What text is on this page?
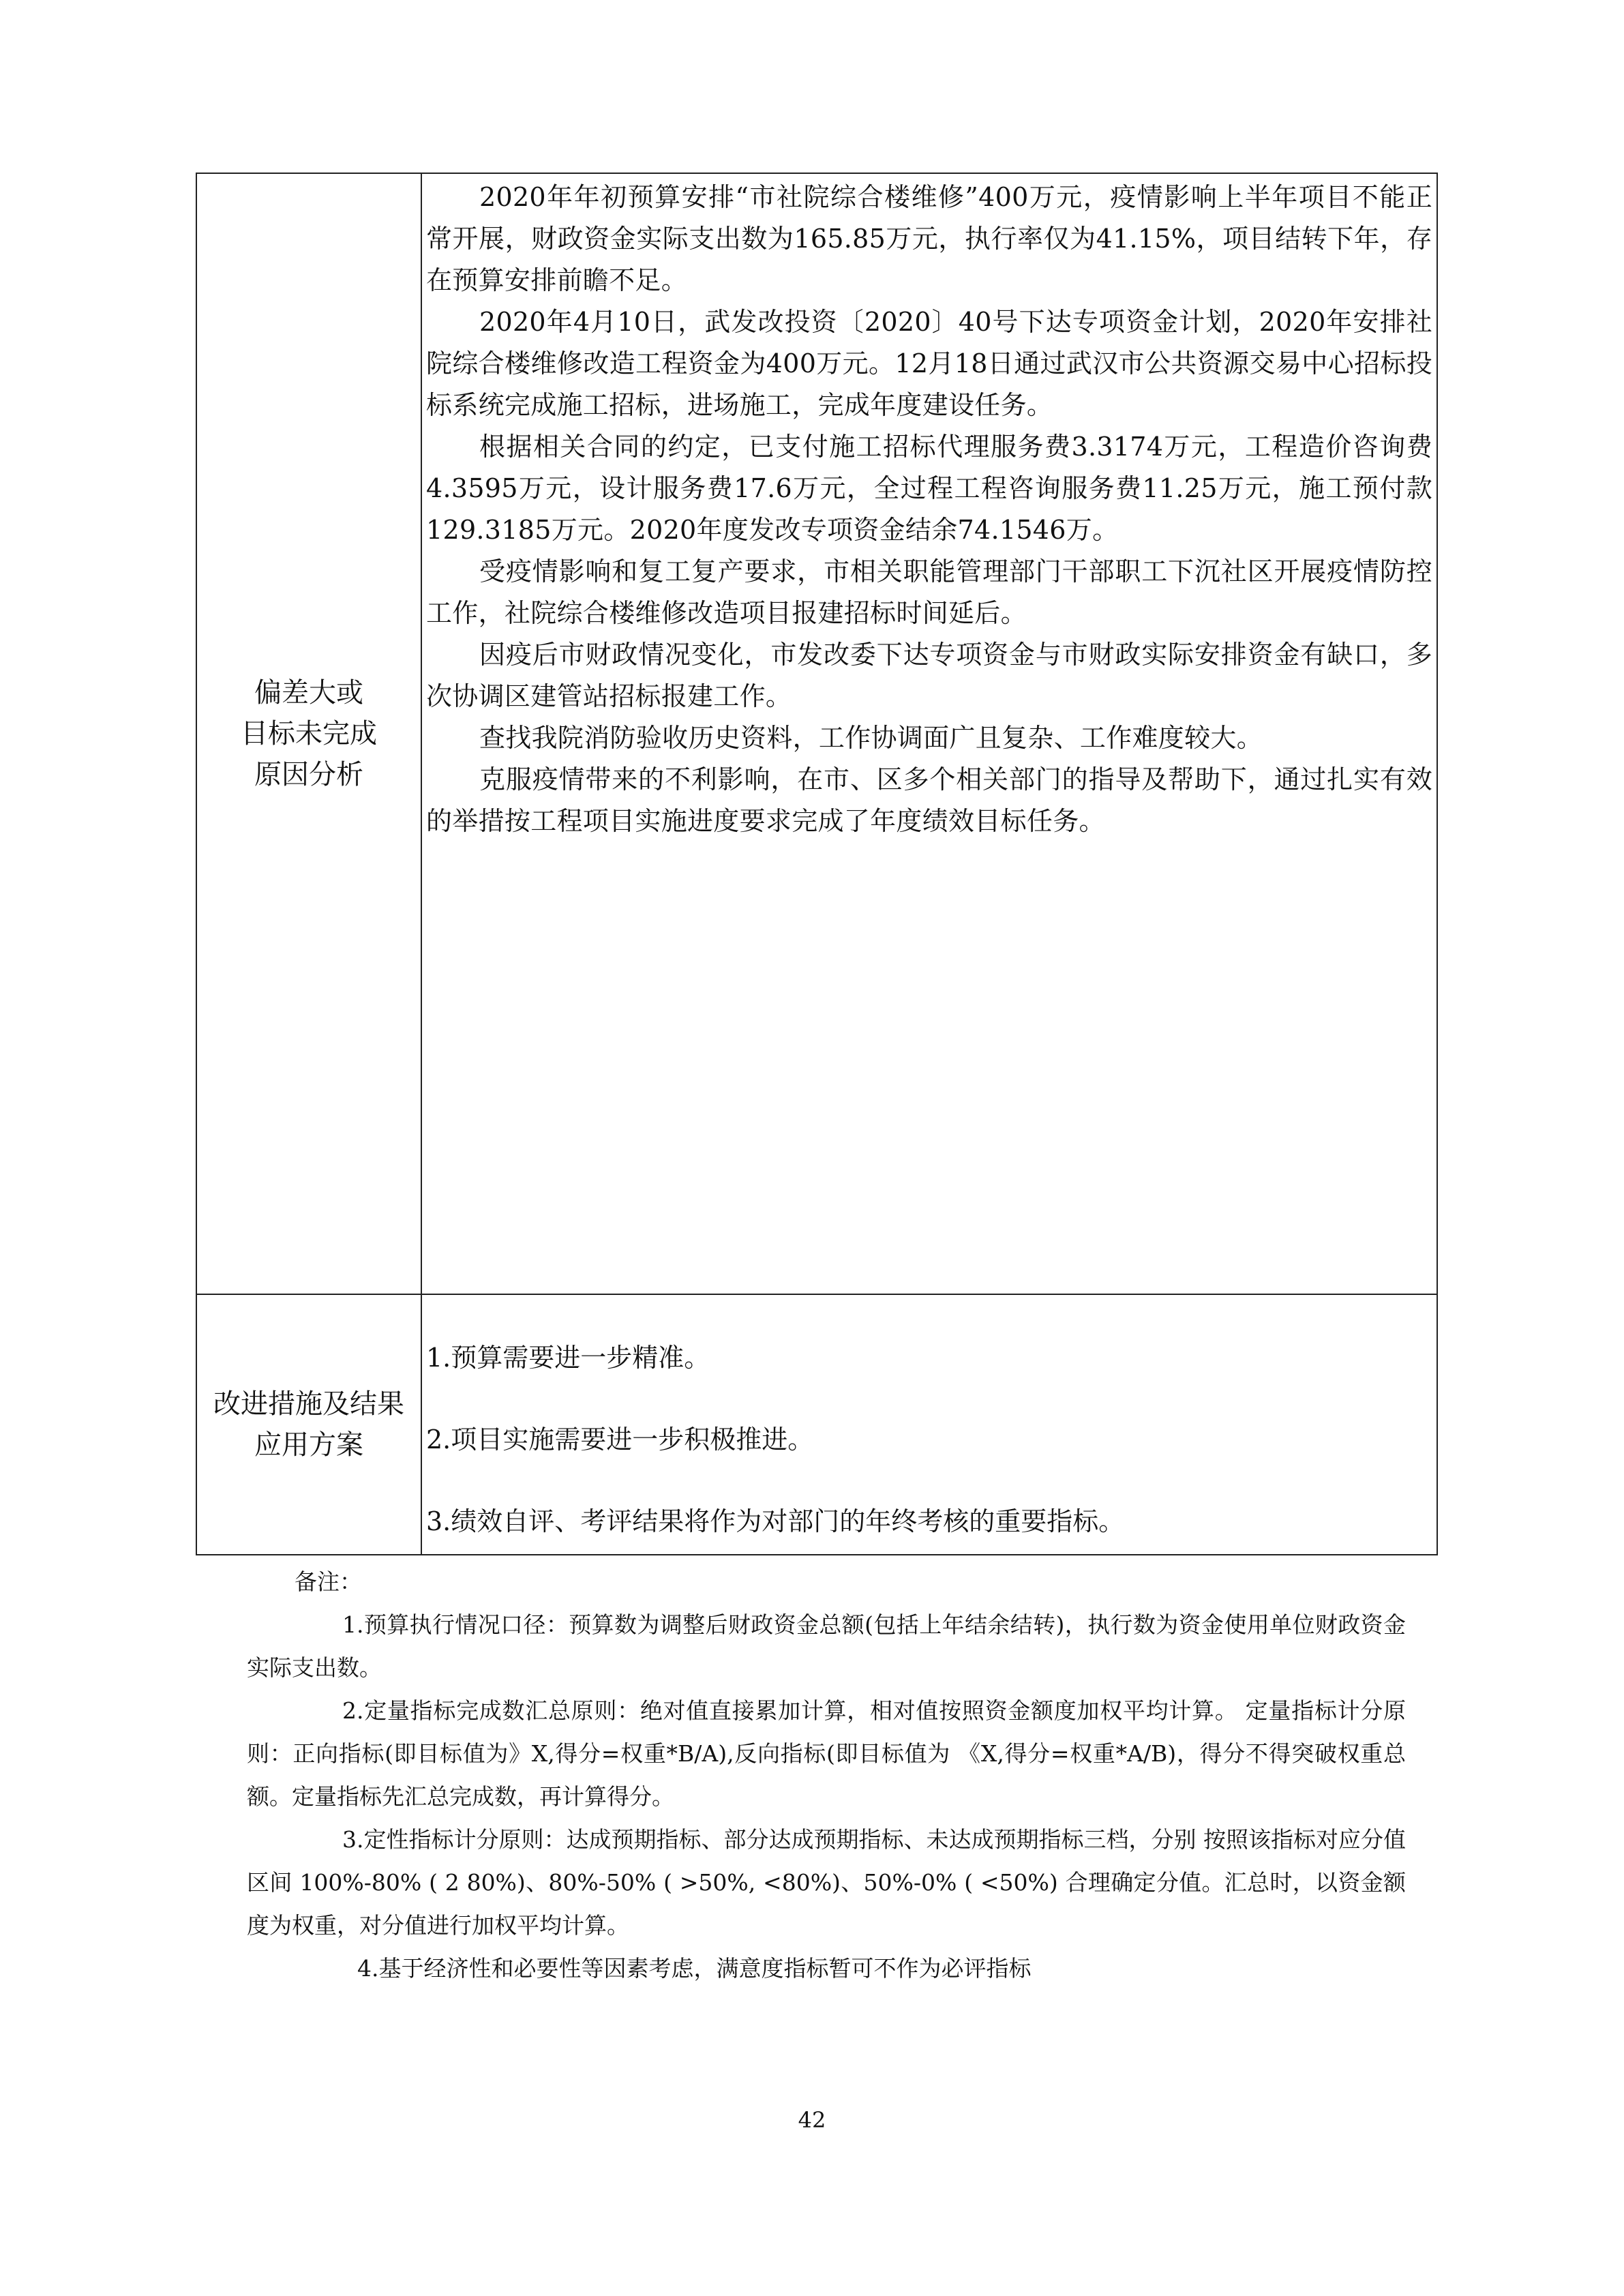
偏差大或
目标未完成
原因分析

2020年年初预算安排“市社院综合楼维修”400万元，疫情影响上半年项目不能正常开展，财政资金实际支出数为165.85万元，执行率仅为41.15%，项目结转下年，存在预算安排前瞻不足。

2020年4月10日，武发改投资〔2020〕40号下达专项资金计划，2020年安排社院综合楼维修改造工程资金为400万元。12月18日通过武汉市公共资源交易中心招标投标系统完成施工招标，进场施工，完成年度建设任务。

根据相关合同的约定，已支付施工招标代理服务费3.3174万元，工程造价咨询费4.3595万元，设计服务费17.6万元，全过程工程咨询服务费11.25万元，施工预付款129.3185万元。2020年度发改专项资金结余74.1546万。

受疫情影响和复工复产要求，市相关职能管理部门干部职工下沉社区开展疫情防控工作，社院综合楼维修改造项目报建招标时间延后。

因疫后市财政情况变化，市发改委下达专项资金与市财政实际安排资金有缺口，多次协调区建管站招标报建工作。

查找我院消防验收历史资料，工作协调面广且复杂、工作难度较大。

克服疫情带来的不利影响，在市、区多个相关部门的指导及帮助下，通过扎实有效的举措按工程项目实施进度要求完成了年度绩效目标任务。

改进措施及结果
应用方案

1.预算需要进一步精准。

2.项目实施需要进一步积极推进。

3.绩效自评、考评结果将作为对部门的年终考核的重要指标。

备注：

1.预算执行情况口径：预算数为调整后财政资金总额(包括上年结余结转)，执行数为资金使用单位财政资金实际支出数。

2.定量指标完成数汇总原则：绝对值直接累加计算，相对值按照资金额度加权平均计算。 定量指标计分原则：正向指标(即目标值为》X,得分=权重*B/A),反向指标(即目标值为 《X,得分=权重*A/B)，得分不得突破权重总额。定量指标先汇总完成数，再计算得分。

3.定性指标计分原则：达成预期指标、部分达成预期指标、未达成预期指标三档，分别 按照该指标对应分值区间 100%-80% ( 2 80%)、80%-50% ( >50%, <80%)、50%-0% ( <50%) 合理确定分值。汇总时，以资金额度为权重，对分值进行加权平均计算。

4.基于经济性和必要性等因素考虑，满意度指标暂可不作为必评指标

42
